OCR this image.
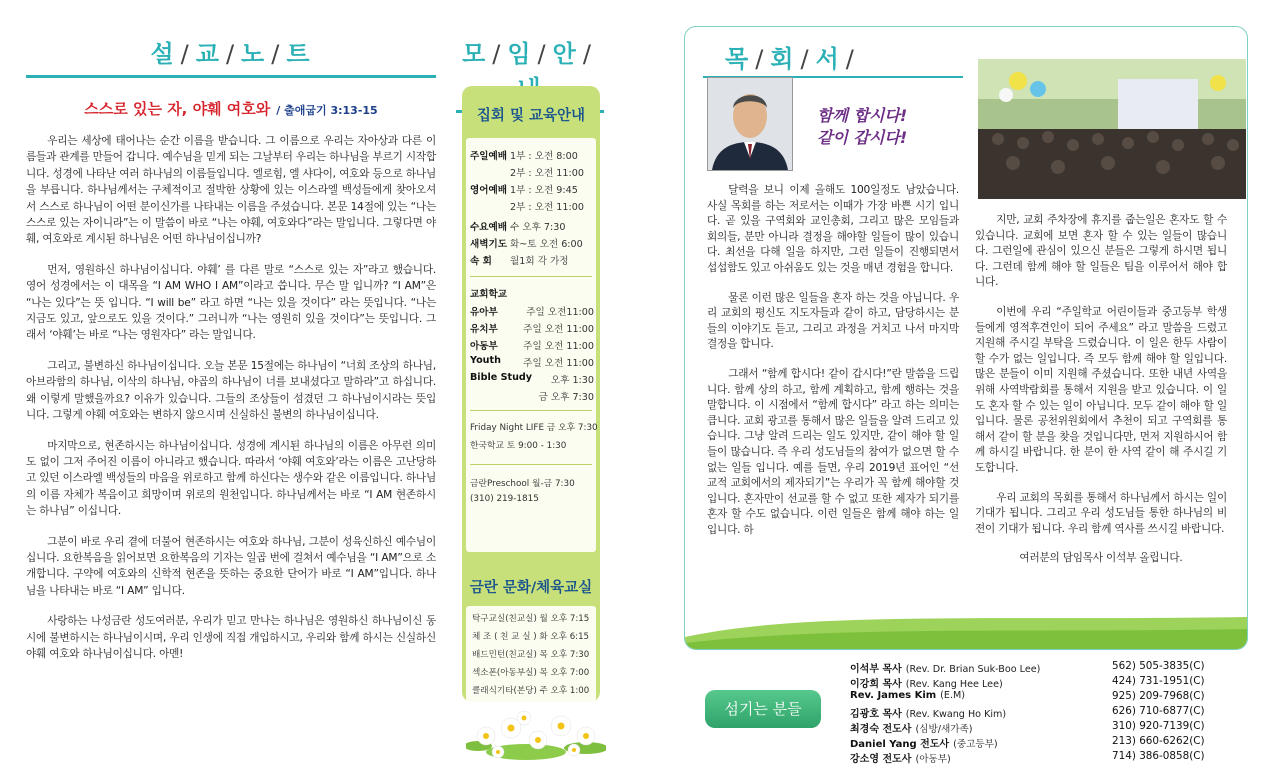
설 / 교 / 노 / 트
스스로 있는 자, 야훼 여호와 / 출애굽기 3:13-15

우리는 세상에 태어나는 순간 이름을 받습니다. 그 이름으로 우리는 자아상과 다른 이름들과 관계를 만들어 갑니다. 예수님을 믿게 되는 그날부터 우리는 하나님을 부르기 시작합니다. 성경에 나타난 여러 하나님의 이름들입니다. 엘로힘, 엘 샤다이, 여호와 등으로 하나님을 부릅니다. 하나님께서는 구체적이고 절박한 상황에 있는 이스라엘 백성들에게 찾아오셔서 스스로 하나님이 어떤 분이신가를 나타내는 이름을 주셨습니다. 본문 14절에 있는 “나는 스스로 있는 자이니라”는 이 말씀이 바로 “나는 야훼, 여호와다”라는 말입니다. 그렇다면 야훼, 여호와로 계시된 하나님은 어떤 하나님이십니까?

먼저, 영원하신 하나님이십니다. 야훼’ 를 다른 말로 “스스로 있는 자”라고 했습니다. 영어 성경에서는 이 대목을 “I AM WHO I AM”이라고 씁니다. 무슨 말 입니까? “I AM”은 “나는 있다”는 뜻 입니다. “I will be” 라고 하면 “나는 있을 것이다” 라는 뜻입니다. “나는 지금도 있고, 앞으로도 있을 것이다.” 그러니까 “나는 영원히 있을 것이다”는 뜻입니다. 그래서 ‘야훼’는 바로 “나는 영원자다” 라는 말입니다.

그리고, 불변하신 하나님이십니다. 오늘 본문 15절에는 하나님이 “너희 조상의 하나님, 아브라함의 하나님, 이삭의 하나님, 야곱의 하나님이 너를 보내셨다고 말하라”고 하십니다. 왜 이렇게 말했을까요? 이유가 있습니다. 그들의 조상들이 섬겼던 그 하나님이시라는 뜻입니다. 그렇게 야훼 여호와는 변하지 않으시며 신실하신 불변의 하나님이십니다.

마지막으로, 현존하시는 하나님이십니다. 성경에 계시된 하나님의 이름은 아무런 의미도 없이 그저 주어진 이름이 아니라고 했습니다. 따라서 ‘야훼 여호와’라는 이름은 고난당하고 있던 이스라엘 백성들의 마음을 위로하고 함께 하신다는 생수와 같은 이름입니다. 하나님의 이름 자체가 복음이고 희망이며 위로의 원천입니다. 하나님께서는 바로 “I AM 현존하시는 하나님” 이십니다.

그분이 바로 우리 곁에 더불어 현존하시는 여호와 하나님, 그분이 성육신하신 예수님이십니다. 요한복음을 읽어보면 요한복음의 기자는 일곱 번에 걸쳐서 예수님을 “I AM”으로 소개합니다. 구약에 여호와의 신학적 현존을 뜻하는 중요한 단어가 바로 “I AM”입니다. 하나님을 나타내는 바로 “I AM” 입니다.

사랑하는 나성금란 성도여러분, 우리가 믿고 만나는 하나님은 영원하신 하나님이신 동시에 불변하시는 하나님이시며, 우리 인생에 직접 개입하시고, 우리와 함께 하시는 신실하신 야훼 여호와 하나님이십니다. 아멘!

모 / 임 / 안 /
집회 및 교육안내
주일예배 1부 : 오전 8:00
2부 : 오전 11:00
영어예배 1부 : 오전 9:45
2부 : 오전 11:00
수요예배 수 오후 7:30
새벽기도 화~토 오전 6:00
속 회 월1회 각 가정
교회학교
유아부	주일 오전11:00
유치부	주일 오전 11:00
아동부	주일 오전 11:00
Youth 주일 오전 11:00
Bible Study 오후 1:30
금 오후 7:30
Friday Night LIFE 금 오후 7:30
한국학교 토 9:00 - 1:30
금란Preschool 월-금 7:30
(310) 219-1815
금란 문화/체육교실
탁구교실(친교실) 월 오후 7:15
체 조 ( 친 교 실 ) 화 오후 6:15
배드민턴(친교실) 목 오후 7:30
섹소폰(아동부실) 목 오후 7:00
클래식기타(본당) 주 오후 1:00
목 / 회 / 서 /
함께 합시다!
같이 갑시다!

달력을 보니 이제 올해도 100일정도 남았습니다. 사실 목회를 하는 저로서는 이때가 가장 바쁜 시기 입니다. 곧 있을 구역회와 교인총회, 그리고 많은 모임들과 회의들, 분만 아니라 결정을 해야할 일들이 많이 있습니다. 최선을 다해 일을 하지만, 그런 일들이 진행되면서 섭섭함도 있고 아쉬움도 있는 것을 매년 경험을 합니다.

물론 이런 많은 일들을 혼자 하는 것을 아닙니다. 우리 교회의 평신도 지도자들과 같이 하고, 담당하시는 분들의 이야기도 듣고, 그리고 과정을 거치고 나서 마지막 결정을 합니다.

그래서 “함께 합시다! 같이 갑시다!”란 말씀을 드립니다. 함께 상의 하고, 함께 계획하고, 함께 행하는 것을 말합니다. 이 시점에서 “함께 합시다” 라고 하는 의미는 큽니다. 교회 광고를 통해서 많은 일들을 알려 드리고 있습니다. 그냥 알려 드리는 일도 있지만, 같이 해야 할 일들이 많습니다. 즉 우리 성도님들의 참여가 없으면 할 수 없는 일들 입니다. 예를 들면, 우리 2019년 표어인 “선교적 교회에서의 제자되기”는 우리가 꼭 함께 해야할 것입니다. 혼자만이 선교를 할 수 없고 또한 제자가 되기를 혼자 할 수도 없습니다. 이런 일들은 함께 해야 하는 일입니다. 하

지만, 교회 주차장에 휴지를 줍는일은 혼자도 할 수 있습니다. 교회에 보면 혼자 할 수 있는 일들이 많습니다. 그런일에 관심이 있으신 분들은 그렇게 하시면 됩니다. 그런데 함께 해야 할 일들은 팀을 이루어서 해야 합니다.

이번에 우리 “주일학교 어린이들과 중고등부 학생들에게 영적후견인이 되어 주세요” 라고 말씀을 드렸고 지원해 주시길 부탁을 드렸습니다. 이 일은 한두 사람이 할 수가 없는 일입니다. 즉 모두 함께 해야 할 일입니다. 많은 분들이 이미 지원해 주셨습니다. 또한 내년 사역을 위해 사역박람회를 통해서 지원을 받고 있습니다. 이 일도 혼자 할 수 있는 일이 아닙니다. 모두 같이 해야 할 일입니다. 물론 공천위원회에서 추천이 되고 구역회를 통해서 같이 할 분을 찾을 것입니다만, 먼저 지원하시어 함께 하시길 바랍니다. 한 분이 한 사역 같이 해 주시길 기도합니다.

우리 교회의 목회를 통해서 하나님께서 하시는 일이 기대가 됩니다. 그리고 우리 성도님들 통한 하나님의 비젼이 기대가 됩니다. 우리 함께 역사를 쓰시길 바랍니다.

여러분의 담임목사 이석부 올립니다.

섬기는 분들
이석부 목사 (Rev. Dr. Brian Suk-Boo Lee)	562) 505-3835(C)
이강희 목사 (Rev. Kang Hee Lee)	424) 731-1951(C)
Rev. James Kim (E.M)	925) 209-7968(C)
김광호 목사 (Rev. Kwang Ho Kim)	626) 710-6877(C)
최경숙 전도사 (심방/새가족)	310) 920-7139(C)
Daniel Yang 전도사 (중고등부)	213) 660-6262(C)
강소영 전도사 (아동부)	714) 386-0858(C)
